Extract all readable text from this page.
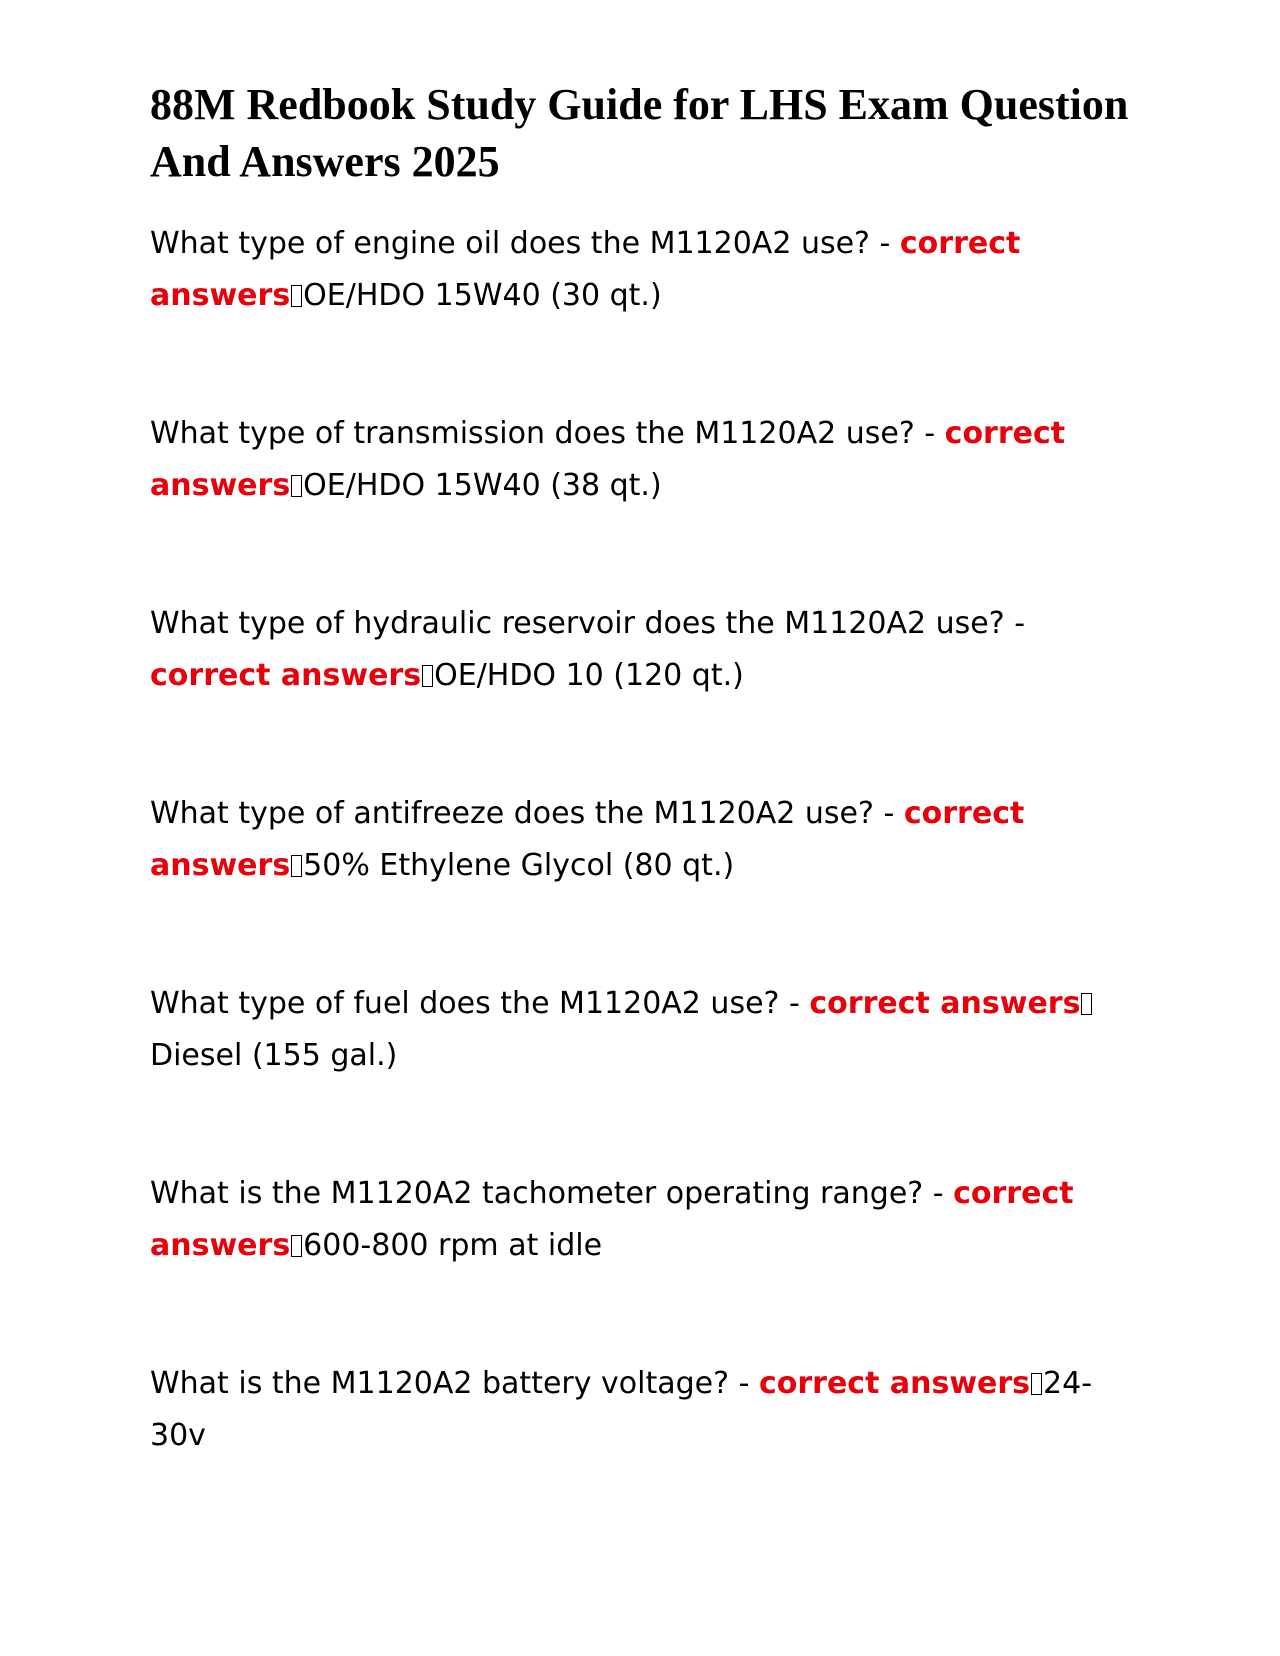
88M Redbook Study Guide for LHS Exam Question And Answers 2025

What type of engine oil does the M1120A2 use? - correct answers OE/HDO 15W40 (30 qt.)

What type of transmission does the M1120A2 use? - correct answers OE/HDO 15W40 (38 qt.)

What type of hydraulic reservoir does the M1120A2 use? - correct answers OE/HDO 10 (120 qt.)

What type of antifreeze does the M1120A2 use? - correct answers 50% Ethylene Glycol (80 qt.)

What type of fuel does the M1120A2 use? - correct answersDiesel (155 gal.)

What is the M1120A2 tachometer operating range? - correct answers 600-800 rpm at idle

What is the M1120A2 battery voltage? - correct answers 24-30v
